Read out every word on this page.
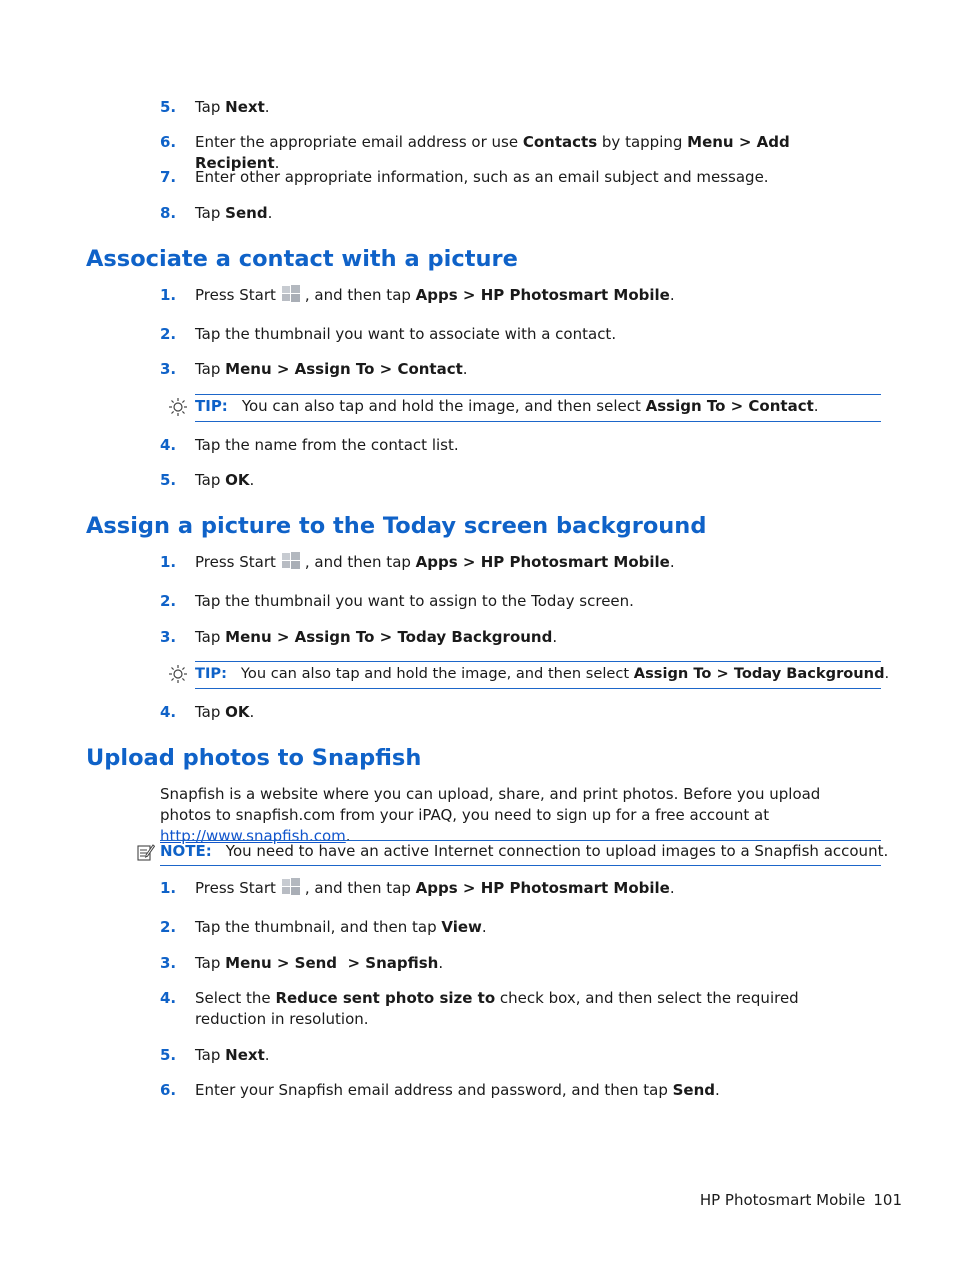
5.	Tap Next.
6.	Enter the appropriate email address or use Contacts by tapping Menu > Add Recipient.
7.	Enter other appropriate information, such as an email subject and message.
8.	Tap Send.
Associate a contact with a picture
1.	Press Start , and then tap Apps > HP Photosmart Mobile.
2.	Tap the thumbnail you want to associate with a contact.
3.	Tap Menu > Assign To > Contact.
TIP: You can also tap and hold the image, and then select Assign To > Contact.
4.	Tap the name from the contact list.
5.	Tap OK.
Assign a picture to the Today screen background
1.	Press Start , and then tap Apps > HP Photosmart Mobile.
2.	Tap the thumbnail you want to assign to the Today screen.
3.	Tap Menu > Assign To > Today Background.
TIP: You can also tap and hold the image, and then select Assign To > Today Background.
4.	Tap OK.
Upload photos to Snapfish
Snapfish is a website where you can upload, share, and print photos. Before you upload photos to snapfish.com from your iPAQ, you need to sign up for a free account at http://www.snapfish.com.
NOTE: You need to have an active Internet connection to upload images to a Snapfish account.
1.	Press Start , and then tap Apps > HP Photosmart Mobile.
2.	Tap the thumbnail, and then tap View.
3.	Tap Menu > Send  > Snapfish.
4.	Select the Reduce sent photo size to check box, and then select the required reduction in resolution.
5.	Tap Next.
6.	Enter your Snapfish email address and password, and then tap Send.
HP Photosmart Mobile 101
